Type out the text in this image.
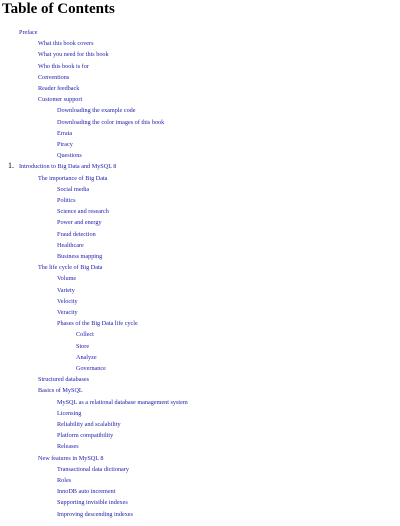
Table of Contents
Preface
What this book covers
What you need for this book
Who this book is for
Conventions
Reader feedback
Customer support
Downloading the example code
Downloading the color images of this book
Errata
Piracy
Questions
1. Introduction to Big Data and MySQL 8
The importance of Big Data
Social media
Politics
Science and research
Power and energy
Fraud detection
Healthcare
Business mapping
The life cycle of Big Data
Volume
Variety
Velocity
Veracity
Phases of the Big Data life cycle
Collect
Store
Analyze
Governance
Structured databases
Basics of MySQL
MySQL as a relational database management system
Licensing
Reliability and scalability
Platform compatibility
Releases
New features in MySQL 8
Transactional data dictionary
Roles
InnoDB auto increment
Supporting invisible indexes
Improving descending indexes
